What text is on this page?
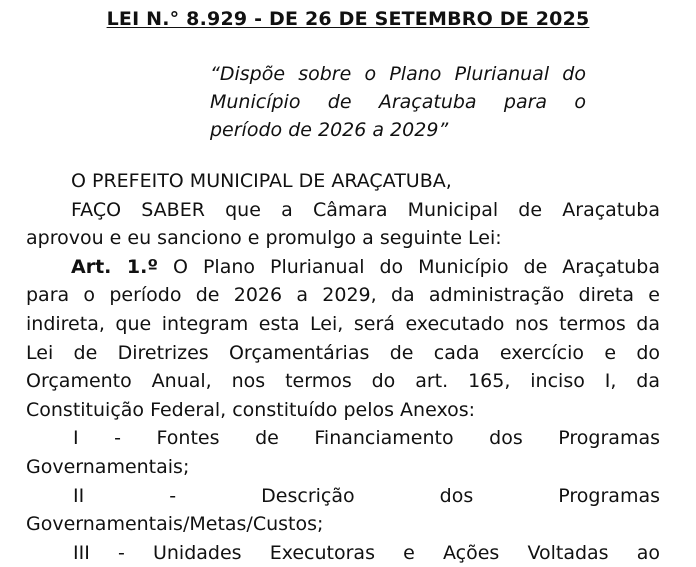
LEI N.° 8.929 - DE 26 DE SETEMBRO DE 2025
“Dispõe sobre o Plano Plurianual do
Município de Araçatuba para o
período de 2026 a 2029”
O PREFEITO MUNICIPAL DE ARAÇATUBA,
FAÇO SABER que a Câmara Municipal de Araçatuba
aprovou e eu sanciono e promulgo a seguinte Lei:
Art. 1.º O Plano Plurianual do Município de Araçatuba
para o período de 2026 a 2029, da administração direta e
indireta, que integram esta Lei, será executado nos termos da
Lei de Diretrizes Orçamentárias de cada exercício e do
Orçamento Anual, nos termos do art. 165, inciso I, da
Constituição Federal, constituído pelos Anexos:
I - Fontes de Financiamento dos Programas
Governamentais;
II - Descrição dos Programas
Governamentais/Metas/Custos;
III - Unidades Executoras e Ações Voltadas ao
